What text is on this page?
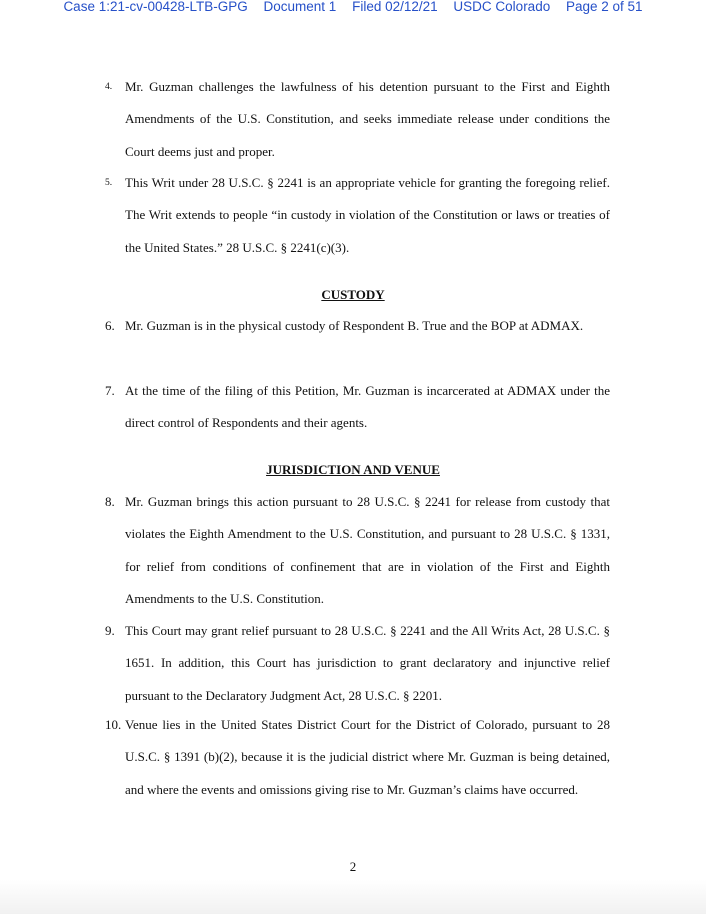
Case 1:21-cv-00428-LTB-GPG Document 1 Filed 02/12/21 USDC Colorado Page 2 of 51
4. Mr. Guzman challenges the lawfulness of his detention pursuant to the First and Eighth Amendments of the U.S. Constitution, and seeks immediate release under conditions the Court deems just and proper.
5. This Writ under 28 U.S.C. § 2241 is an appropriate vehicle for granting the foregoing relief. The Writ extends to people “in custody in violation of the Constitution or laws or treaties of the United States.” 28 U.S.C. § 2241(c)(3).
CUSTODY
6. Mr. Guzman is in the physical custody of Respondent B. True and the BOP at ADMAX.
7. At the time of the filing of this Petition, Mr. Guzman is incarcerated at ADMAX under the direct control of Respondents and their agents.
JURISDICTION AND VENUE
8. Mr. Guzman brings this action pursuant to 28 U.S.C. § 2241 for release from custody that violates the Eighth Amendment to the U.S. Constitution, and pursuant to 28 U.S.C. § 1331, for relief from conditions of confinement that are in violation of the First and Eighth Amendments to the U.S. Constitution.
9. This Court may grant relief pursuant to 28 U.S.C. § 2241 and the All Writs Act, 28 U.S.C. § 1651. In addition, this Court has jurisdiction to grant declaratory and injunctive relief pursuant to the Declaratory Judgment Act, 28 U.S.C. § 2201.
10. Venue lies in the United States District Court for the District of Colorado, pursuant to 28 U.S.C. § 1391 (b)(2), because it is the judicial district where Mr. Guzman is being detained, and where the events and omissions giving rise to Mr. Guzman’s claims have occurred.
2
